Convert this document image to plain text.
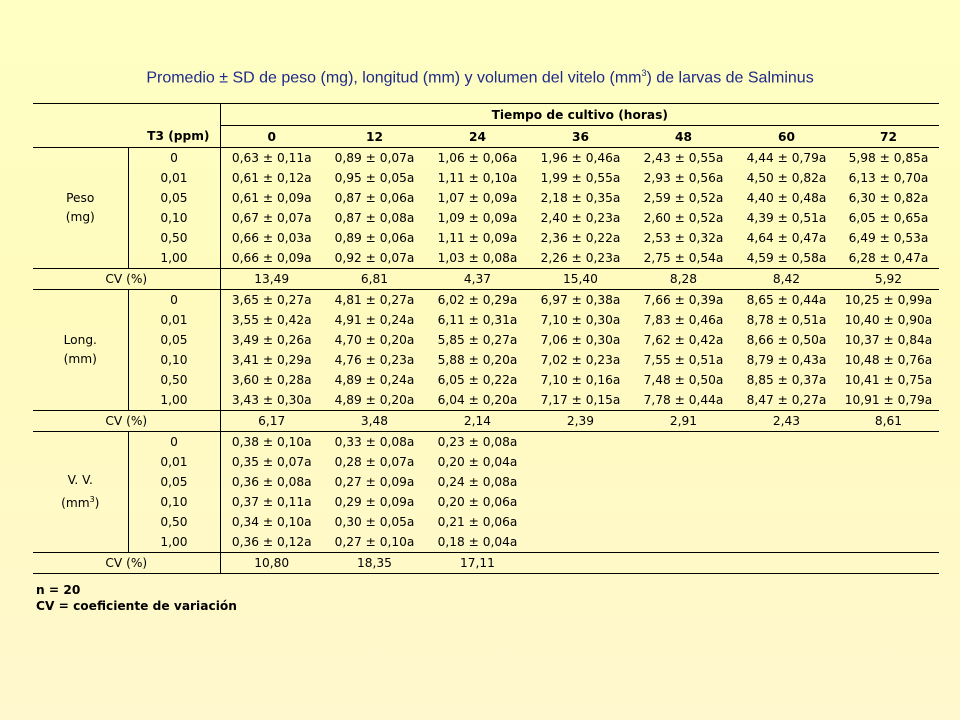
Promedio ± SD de peso (mg), longitud (mm) y volumen del vitelo $(mm^3)$ de larvas de Salminus
		Tiempo de cultivo (horas)						
	T3 (ppm)	0	12	24	36	48	60	72

Peso
(mg)	0	0,63 ± 0,11a	0,89 ± 0,07a	1,06 ± 0,06a	1,96 ± 0,46a	2,43 ± 0,55a	4,44 ± 0,79a	5,98 ± 0,85a
	0,01	0,61 ± 0,12a	0,95 ± 0,05a	1,11 ± 0,10a	1,99 ± 0,55a	2,93 ± 0,56a	4,50 ± 0,82a	6,13 ± 0,70a
	0,05	0,61 ± 0,09a	0,87 ± 0,06a	1,07 ± 0,09a	2,18 ± 0,35a	2,59 ± 0,52a	4,40 ± 0,48a	6,30 ± 0,82a
	0,10	0,67 ± 0,07a	0,87 ± 0,08a	1,09 ± 0,09a	2,40 ± 0,23a	2,60 ± 0,52a	4,39 ± 0,51a	6,05 ± 0,65a
	0,50	0,66 ± 0,03a	0,89 ± 0,06a	1,11 ± 0,09a	2,36 ± 0,22a	2,53 ± 0,32a	4,64 ± 0,47a	6,49 ± 0,53a
	1,00	0,66 ± 0,09a	0,92 ± 0,07a	1,03 ± 0,08a	2,26 ± 0,23a	2,75 ± 0,54a	4,59 ± 0,58a	6,28 ± 0,47a
CV (%)		13,49	6,81	4,37	15,40	8,28	8,42	5,92

Long.
(mm)	0	3,65 ± 0,27a	4,81 ± 0,27a	6,02 ± 0,29a	6,97 ± 0,38a	7,66 ± 0,39a	8,65 ± 0,44a	10,25 ± 0,99a
	0,01	3,55 ± 0,42a	4,91 ± 0,24a	6,11 ± 0,31a	7,10 ± 0,30a	7,83 ± 0,46a	8,78 ± 0,51a	10,40 ± 0,90a
	0,05	3,49 ± 0,26a	4,70 ± 0,20a	5,85 ± 0,27a	7,06 ± 0,30a	7,62 ± 0,42a	8,66 ± 0,50a	10,37 ± 0,84a
	0,10	3,41 ± 0,29a	4,76 ± 0,23a	5,88 ± 0,20a	7,02 ± 0,23a	7,55 ± 0,51a	8,79 ± 0,43a	10,48 ± 0,76a
	0,50	3,60 ± 0,28a	4,89 ± 0,24a	6,05 ± 0,22a	7,10 ± 0,16a	7,48 ± 0,50a	8,85 ± 0,37a	10,41 ± 0,75a
	1,00	3,43 ± 0,30a	4,89 ± 0,20a	6,04 ± 0,20a	7,17 ± 0,15a	7,78 ± 0,44a	8,47 ± 0,27a	10,91 ± 0,79a
CV (%)		6,17	3,48	2,14	2,39	2,91	2,43	8,61

V. V.
$(mm^3)$	0	0,38 ± 0,10a	0,33 ± 0,08a	0,23 ± 0,08a				
	0,01	0,35 ± 0,07a	0,28 ± 0,07a	0,20 ± 0,04a				
	0,05	0,36 ± 0,08a	0,27 ± 0,09a	0,24 ± 0,08a				
	0,10	0,37 ± 0,11a	0,29 ± 0,09a	0,20 ± 0,06a				
	0,50	0,34 ± 0,10a	0,30 ± 0,05a	0,21 ± 0,06a				
	1,00	0,36 ± 0,12a	0,27 ± 0,10a	0,18 ± 0,04a				
CV (%)		10,80	18,35	17,11				
n = 20
CV = coeficiente de variación
